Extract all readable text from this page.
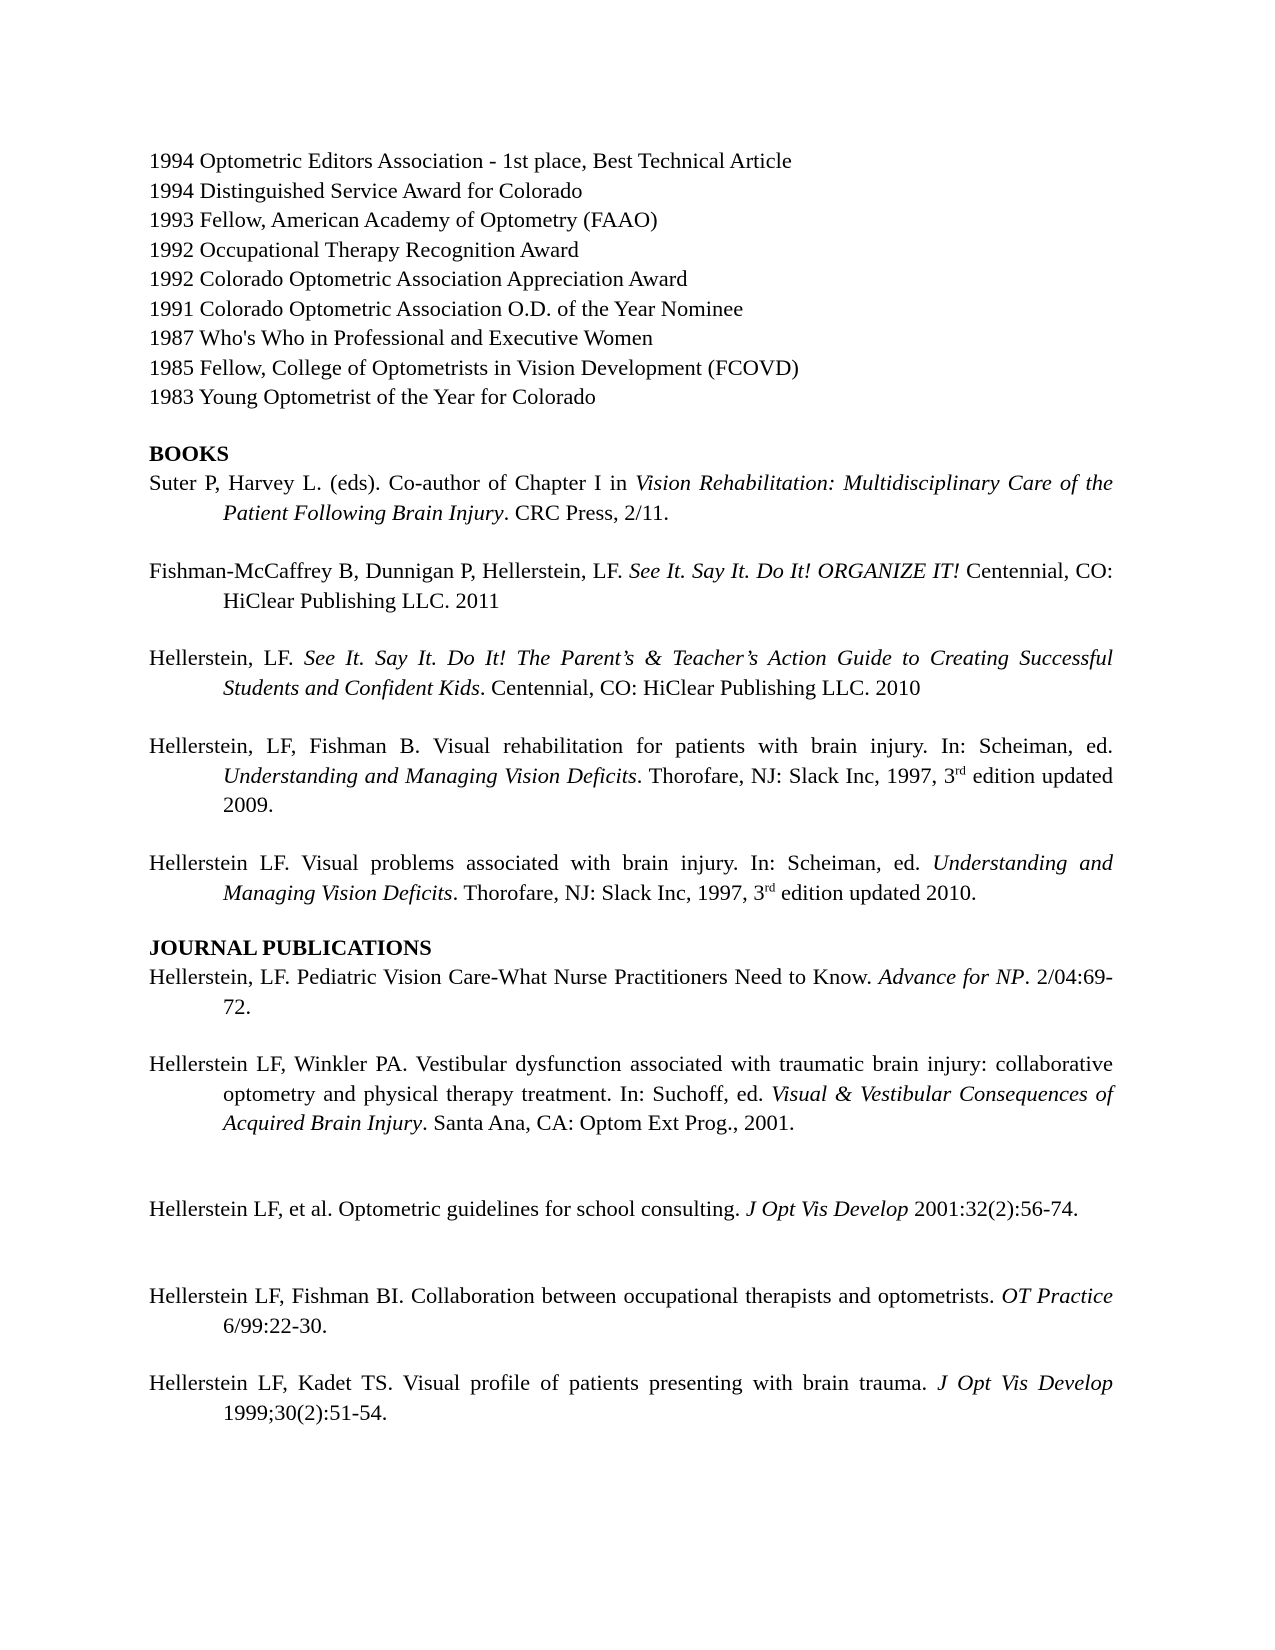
1994 Optometric Editors Association - 1st place, Best Technical Article
1994 Distinguished Service Award for Colorado
1993 Fellow, American Academy of Optometry (FAAO)
1992 Occupational Therapy Recognition Award
1992 Colorado Optometric Association Appreciation Award
1991 Colorado Optometric Association O.D. of the Year Nominee
1987 Who's Who in Professional and Executive Women
1985 Fellow, College of Optometrists in Vision Development (FCOVD)
1983 Young Optometrist of the Year for Colorado
BOOKS
Suter P, Harvey L. (eds). Co-author of Chapter I in Vision Rehabilitation: Multidisciplinary Care of the Patient Following Brain Injury. CRC Press, 2/11.
Fishman-McCaffrey B, Dunnigan P, Hellerstein, LF. See It. Say It. Do It! ORGANIZE IT! Centennial, CO: HiClear Publishing LLC. 2011
Hellerstein, LF. See It. Say It. Do It! The Parent’s & Teacher’s Action Guide to Creating Successful Students and Confident Kids. Centennial, CO: HiClear Publishing LLC. 2010
Hellerstein, LF, Fishman B. Visual rehabilitation for patients with brain injury. In: Scheiman, ed. Understanding and Managing Vision Deficits. Thorofare, NJ: Slack Inc, 1997, 3rd edition updated 2009.
Hellerstein LF. Visual problems associated with brain injury. In: Scheiman, ed. Understanding and Managing Vision Deficits. Thorofare, NJ: Slack Inc, 1997, 3rd edition updated 2010.
JOURNAL PUBLICATIONS
Hellerstein, LF. Pediatric Vision Care-What Nurse Practitioners Need to Know. Advance for NP. 2/04:69-72.
Hellerstein LF, Winkler PA. Vestibular dysfunction associated with traumatic brain injury: collaborative optometry and physical therapy treatment. In: Suchoff, ed. Visual & Vestibular Consequences of Acquired Brain Injury. Santa Ana, CA: Optom Ext Prog., 2001.
Hellerstein LF, et al. Optometric guidelines for school consulting. J Opt Vis Develop 2001:32(2):56-74.
Hellerstein LF, Fishman BI. Collaboration between occupational therapists and optometrists. OT Practice 6/99:22-30.
Hellerstein LF, Kadet TS. Visual profile of patients presenting with brain trauma. J Opt Vis Develop 1999;30(2):51-54.
